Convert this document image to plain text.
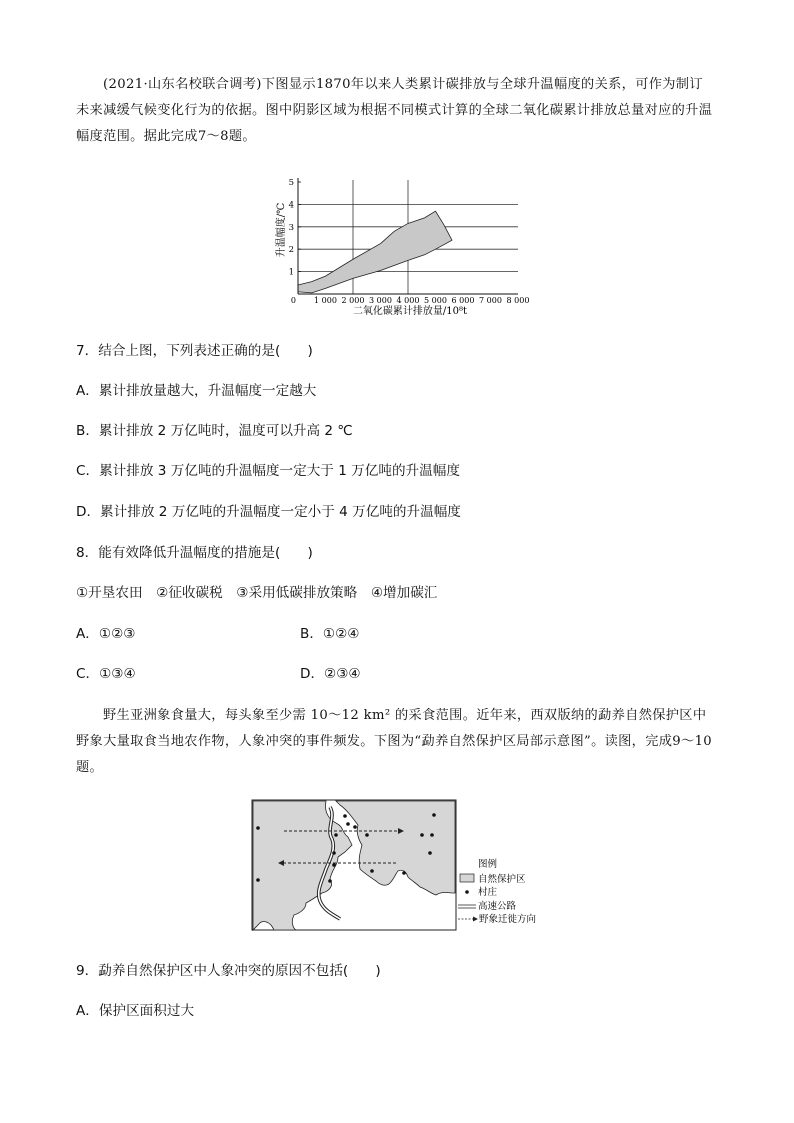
(2021·山东名校联合调考)下图显示1870年以来人类累计碳排放与全球升温幅度的关系，可作为制订未来减缓气候变化行为的依据。图中阴影区域为根据不同模式计算的全球二氧化碳累计排放总量对应的升温幅度范围。据此完成7～8题。
1
2
3
4
5
0 1 000 2 000 3 000 4 000 5 000 6 000 7 000 8 000
升温幅度/℃
二氧化碳累计排放量/10⁸t
7．结合上图，下列表述正确的是(　　)
A．累计排放量越大，升温幅度一定越大
B．累计排放 2 万亿吨时，温度可以升高 2 ℃
C．累计排放 3 万亿吨的升温幅度一定大于 1 万亿吨的升温幅度
D．累计排放 2 万亿吨的升温幅度一定小于 4 万亿吨的升温幅度
8．能有效降低升温幅度的措施是(　　)
①开垦农田　②征收碳税　③采用低碳排放策略　④增加碳汇
A．①②③	B．①②④
C．①③④	D．②③④
野生亚洲象食量大，每头象至少需 10～12 km² 的采食范围。近年来，西双版纳的勐养自然保护区中野象大量取食当地农作物，人象冲突的事件频发。下图为“勐养自然保护区局部示意图”。读图，完成9～10题。
图例
自然保护区
村庄
高速公路
野象迁徙方向
9．勐养自然保护区中人象冲突的原因不包括(　　)
A．保护区面积过大
